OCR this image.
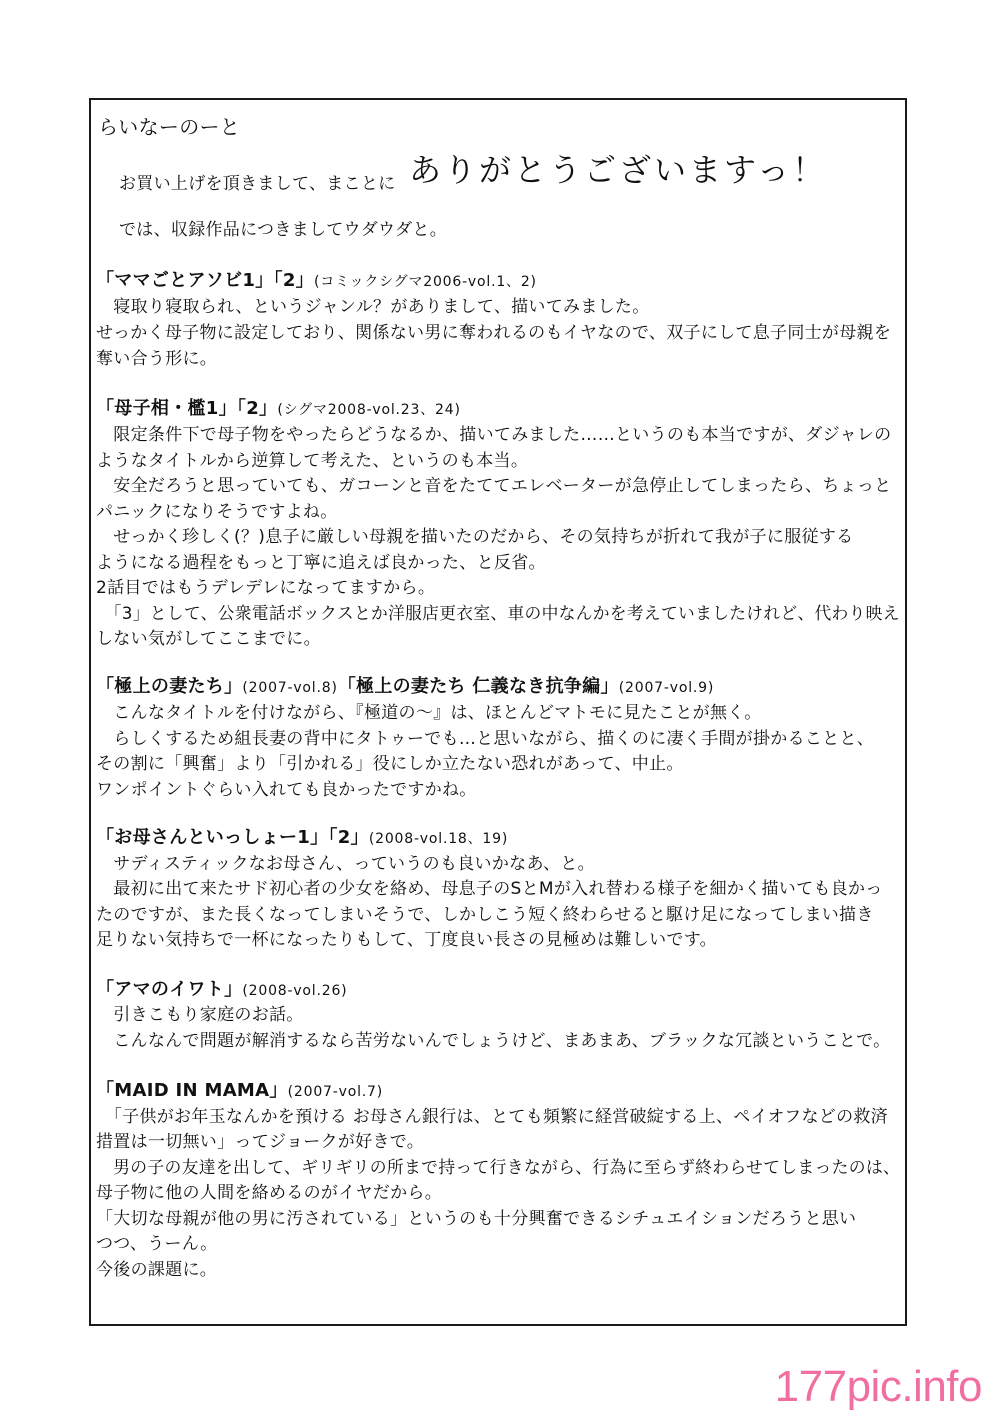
らいなーのーと
お買い上げを頂きまして、まことに ありがとうございますっ！
では、収録作品につきましてウダウダと。
「ママごとアソビ1」「2」(コミックシグマ2006-vol.1、2)
　寝取り寝取られ、というジャンル？がありまして、描いてみました。
せっかく母子物に設定しており、関係ない男に奪われるのもイヤなので、双子にして息子同士が母親を
奪い合う形に。
「母子相・檻1」「2」(シグマ2008-vol.23、24)
　限定条件下で母子物をやったらどうなるか、描いてみました……というのも本当ですが、ダジャレの
ようなタイトルから逆算して考えた、というのも本当。
　安全だろうと思っていても、ガコーンと音をたててエレベーターが急停止してしまったら、ちょっと
パニックになりそうですよね。
　せっかく珍しく(？)息子に厳しい母親を描いたのだから、その気持ちが折れて我が子に服従する
ようになる過程をもっと丁寧に追えば良かった、と反省。
2話目ではもうデレデレになってますから。
　「3」として、公衆電話ボックスとか洋服店更衣室、車の中なんかを考えていましたけれど、代わり映え
しない気がしてここまでに。
「極上の妻たち」(2007-vol.8)「極上の妻たち 仁義なき抗争編」(2007-vol.9)
　こんなタイトルを付けながら、『極道の〜』は、ほとんどマトモに見たことが無く。
　らしくするため組長妻の背中にタトゥーでも…と思いながら、描くのに凄く手間が掛かることと、
その割に「興奮」より「引かれる」役にしか立たない恐れがあって、中止。
ワンポイントぐらい入れても良かったですかね。
「お母さんといっしょー1」「2」(2008-vol.18、19)
　サディスティックなお母さん、っていうのも良いかなあ、と。
　最初に出て来たサド初心者の少女を絡め、母息子のSとMが入れ替わる様子を細かく描いても良かっ
たのですが、また長くなってしまいそうで、しかしこう短く終わらせると駆け足になってしまい描き
足りない気持ちで一杯になったりもして、丁度良い長さの見極めは難しいです。
「アマのイワト」(2008-vol.26)
　引きこもり家庭のお話。
　こんなんで問題が解消するなら苦労ないんでしょうけど、まあまあ、ブラックな冗談ということで。
「MAID IN MAMA」(2007-vol.7)
　「子供がお年玉なんかを預ける お母さん銀行は、とても頻繁に経営破綻する上、ペイオフなどの救済
措置は一切無い」ってジョークが好きで。
　男の子の友達を出して、ギリギリの所まで持って行きながら、行為に至らず終わらせてしまったのは、
母子物に他の人間を絡めるのがイヤだから。
「大切な母親が他の男に汚されている」というのも十分興奮できるシチュエイションだろうと思い
つつ、うーん。
今後の課題に。
177pic.info
